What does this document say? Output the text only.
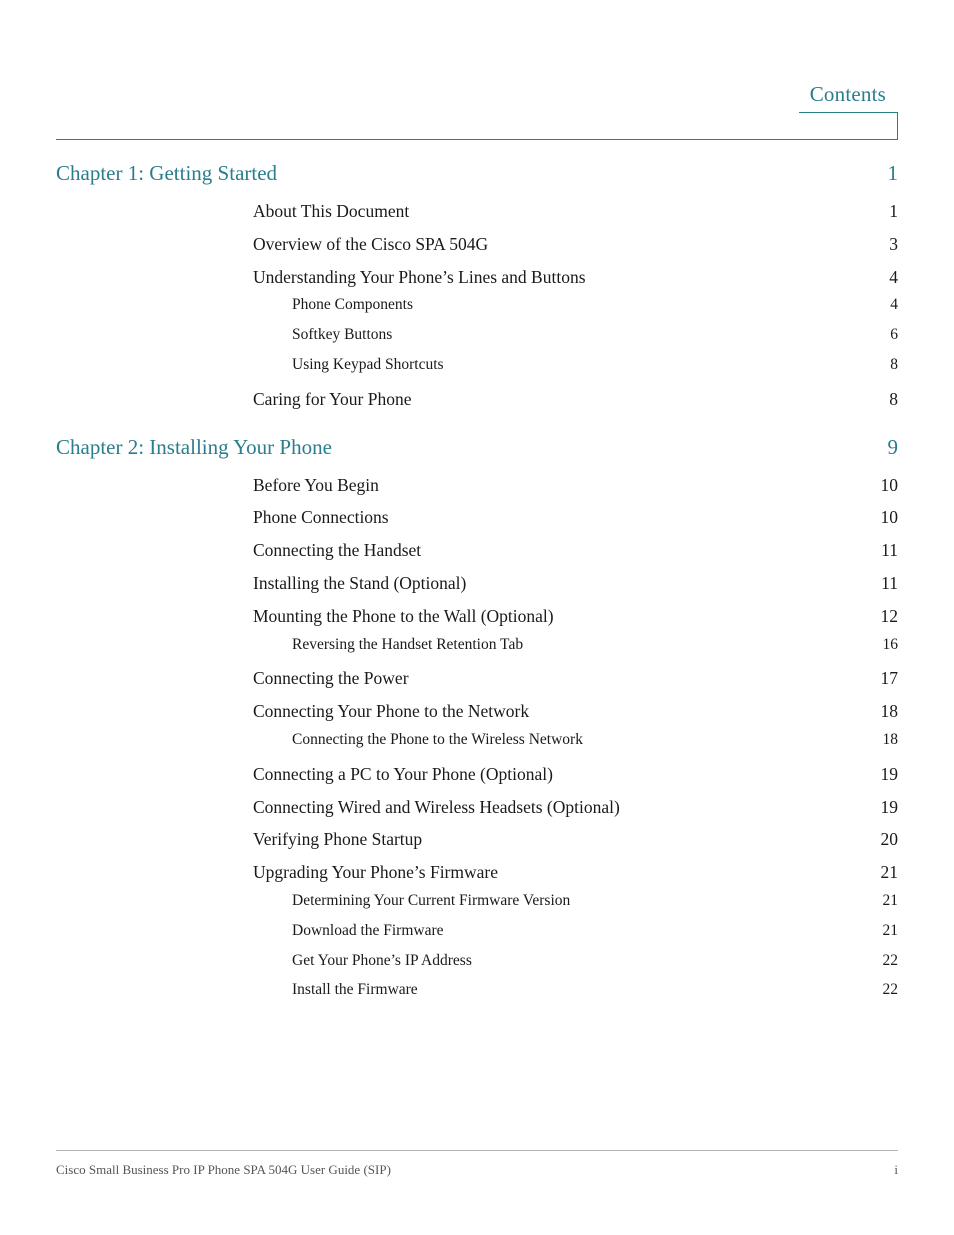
Contents
Chapter 1: Getting Started	1
About This Document	1
Overview of the Cisco SPA 504G	3
Understanding Your Phone’s Lines and Buttons	4
Phone Components	4
Softkey Buttons	6
Using Keypad Shortcuts	8
Caring for Your Phone	8
Chapter 2: Installing Your Phone	9
Before You Begin	10
Phone Connections	10
Connecting the Handset	11
Installing the Stand (Optional)	11
Mounting the Phone to the Wall (Optional)	12
Reversing the Handset Retention Tab	16
Connecting the Power	17
Connecting Your Phone to the Network	18
Connecting the Phone to the Wireless Network	18
Connecting a PC to Your Phone (Optional)	19
Connecting Wired and Wireless Headsets (Optional)	19
Verifying Phone Startup	20
Upgrading Your Phone’s Firmware	21
Determining Your Current Firmware Version	21
Download the Firmware	21
Get Your Phone’s IP Address	22
Install the Firmware	22
Cisco Small Business Pro IP Phone SPA 504G User Guide (SIP)	i
